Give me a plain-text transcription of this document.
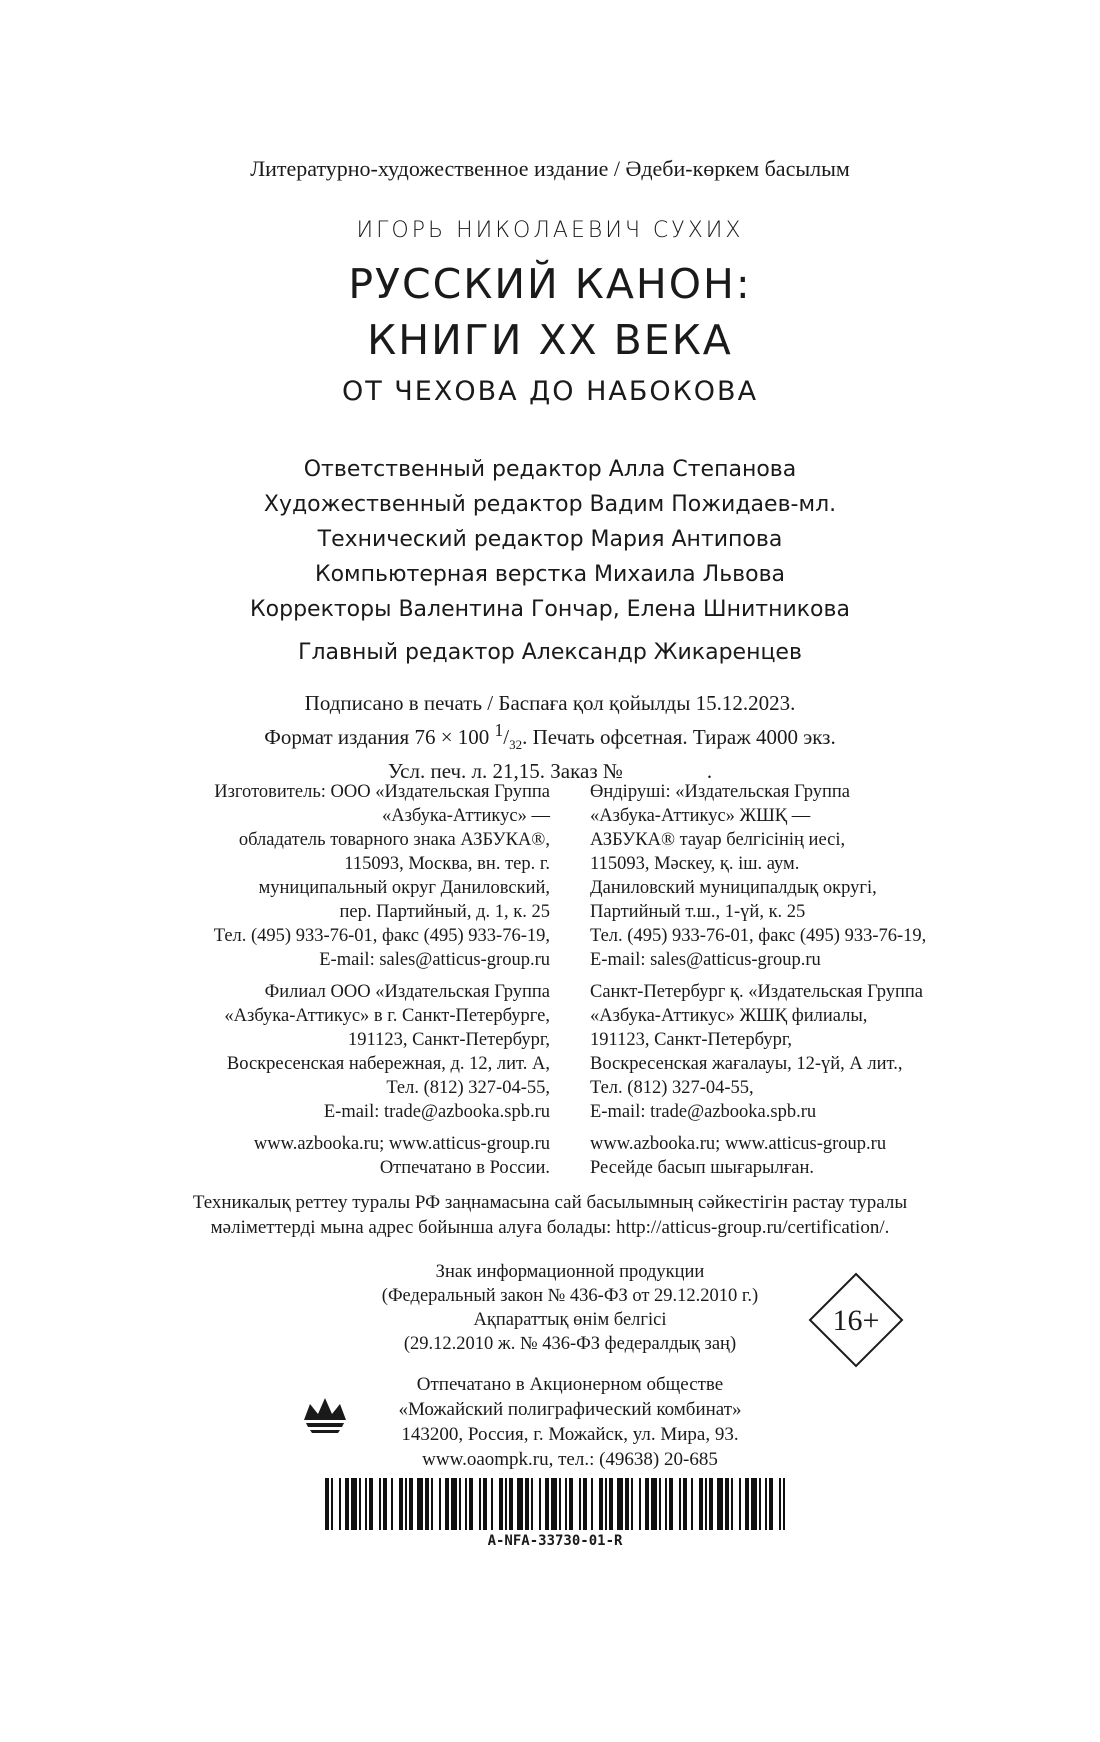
Литературно-художественное издание / Әдеби-көркем басылым
ИГОРЬ НИКОЛАЕВИЧ СУХИХ
РУССКИЙ КАНОН:
КНИГИ ХХ ВЕКА
ОТ ЧЕХОВА ДО НАБОКОВА
Ответственный редактор Алла Степанова
Художественный редактор Вадим Пожидаев-мл.
Технический редактор Мария Антипова
Компьютерная верстка Михаила Львова
Корректоры Валентина Гончар, Елена Шнитникова
Главный редактор Александр Жикаренцев
Подписано в печать / Баспаға қол қойылды 15.12.2023.
Формат издания 76 × 100 $^1/_{32}$. Печать офсетная. Тираж 4000 экз.
Усл. печ. л. 21,15. Заказ №                .

Изготовитель: ООО «Издательская Группа

«Азбука-Аттикус» —

обладатель товарного знака АЗБУКА®,

115093, Москва, вн. тер. г.

муниципальный округ Даниловский,

пер. Партийный, д. 1, к. 25

Тел. (495) 933-76-01, факс (495) 933-76-19,

E-mail: sales@atticus-group.ru

Филиал ООО «Издательская Группа

«Азбука-Аттикус» в г. Санкт-Петербурге,

191123, Санкт-Петербург,

Воскресенская набережная, д. 12, лит. А,

Тел. (812) 327-04-55,

E-mail: trade@azbooka.spb.ru

www.azbooka.ru; www.atticus-group.ru

Отпечатано в России.

Өндіруші: «Издательская Группа

«Азбука-Аттикус» ЖШҚ —

АЗБУКА® тауар белгісінің иесі,

115093, Мәскеу, қ. іш. аум.

Даниловский муниципалдық округі,

Партийный т.ш., 1-үй, к. 25

Тел. (495) 933-76-01, факс (495) 933-76-19,

E-mail: sales@atticus-group.ru

Санкт-Петербург қ. «Издательская Группа

«Азбука-Аттикус» ЖШҚ филиалы,

191123, Санкт-Петербург,

Воскресенская жағалауы, 12-үй, А лит.,

Тел. (812) 327-04-55,

E-mail: trade@azbooka.spb.ru

www.azbooka.ru; www.atticus-group.ru

Ресейде басып шығарылған.

Техникалық реттеу туралы РФ заңнамасына сай басылымның сәйкестігін растау туралы
мәліметтерді мына адрес бойынша алуға болады: http://atticus-group.ru/certification/.
Знак информационной продукции
(Федеральный закон № 436-ФЗ от 29.12.2010 г.)
Ақпараттық өнім белгісі
(29.12.2010 ж. № 436-ФЗ федералдық заң)
16+
Отпечатано в Акционерном обществе
«Можайский полиграфический комбинат»
143200, Россия, г. Можайск, ул. Мира, 93.
www.oaompk.ru, тел.: (49638) 20-685
A-NFA-33730-01-R
